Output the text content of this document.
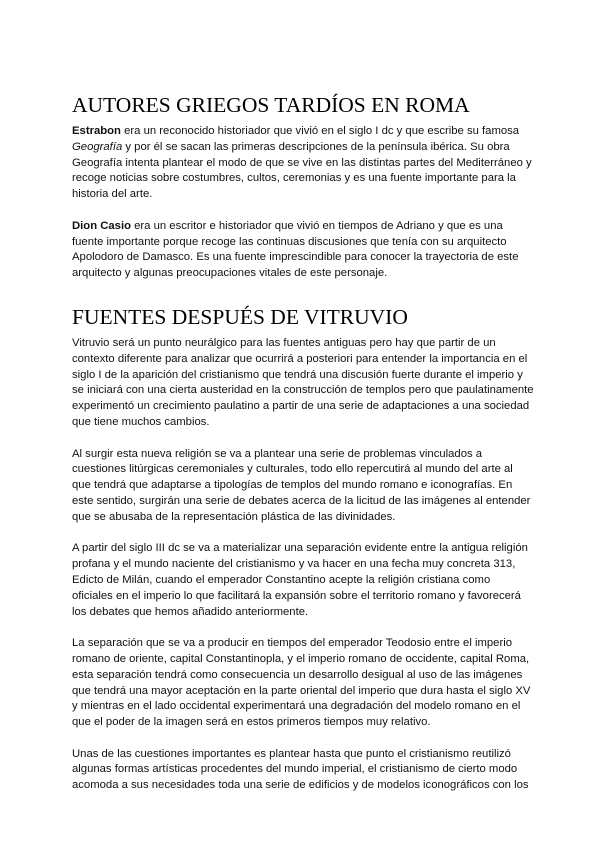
AUTORES GRIEGOS TARDÍOS EN ROMA

Estrabon era un reconocido historiador que vivió en el siglo I dc y que escribe su famosa Geografía y por él se sacan las primeras descripciones de la península ibérica. Su obra Geografía intenta plantear el modo de que se vive en las distintas partes del Mediterráneo y recoge noticias sobre costumbres, cultos, ceremonias y es una fuente importante para la historia del arte.

Dion Casio era un escritor e historiador que vivió en tiempos de Adriano y que es una fuente importante porque recoge las continuas discusiones que tenía con su arquitecto Apolodoro de Damasco. Es una fuente imprescindible para conocer la trayectoria de este arquitecto y algunas preocupaciones vitales de este personaje.

FUENTES DESPUÉS DE VITRUVIO

Vitruvio será un punto neurálgico para las fuentes antiguas pero hay que partir de un contexto diferente para analizar que ocurrirá a posteriori para entender la importancia en el siglo I de la aparición del cristianismo que tendrá una discusión fuerte durante el imperio y se iniciará con una cierta austeridad en la construcción de templos pero que paulatinamente experimentó un crecimiento paulatino a partir de una serie de adaptaciones a una sociedad que tiene muchos cambios.

Al surgir esta nueva religión se va a plantear una serie de problemas vinculados a cuestiones litúrgicas ceremoniales y culturales, todo ello repercutirá al mundo del arte al que tendrá que adaptarse a tipologías de templos del mundo romano e iconografías. En este sentido, surgirán una serie de debates acerca de la licitud de las imágenes al entender que se abusaba de la representación plástica de las divinidades.

A partir del siglo III dc se va a materializar una separación evidente entre la antigua religión profana y el mundo naciente del cristianismo y va hacer en una fecha muy concreta 313, Edicto de Milán, cuando el emperador Constantino acepte la religión cristiana como oficiales en el imperio lo que facilitará la expansión sobre el territorio romano y favorecerá los debates que hemos añadido anteriormente.

La separación que se va a producir en tiempos del emperador Teodosio entre el imperio romano de oriente, capital Constantinopla, y el imperio romano de occidente, capital Roma, esta separación tendrá como consecuencia un desarrollo desigual al uso de las imágenes que tendrá una mayor aceptación en la parte oriental del imperio que dura hasta el siglo XV y mientras en el lado occidental experimentará una degradación del modelo romano en el que el poder de la imagen será en estos primeros tiempos muy relativo.

Unas de las cuestiones importantes es plantear hasta que punto el cristianismo reutilizó algunas formas artísticas procedentes del mundo imperial, el cristianismo de cierto modo acomoda a sus necesidades toda una serie de edificios y de modelos iconográficos con los
